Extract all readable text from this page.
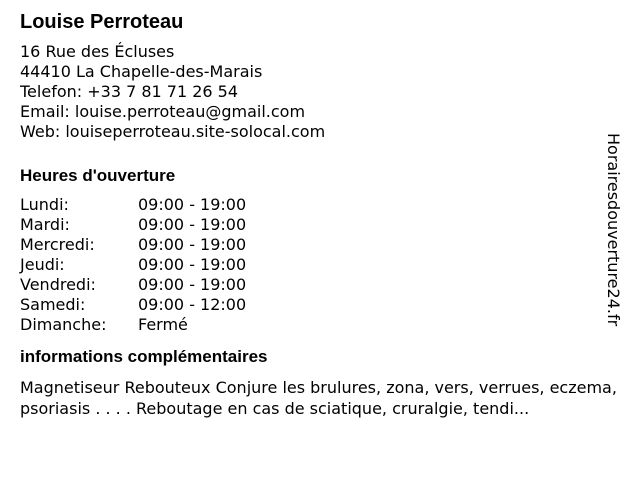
Louise Perroteau
16 Rue des Écluses
44410 La Chapelle-des-Marais
Telefon: +33 7 81 71 26 54
Email: louise.perroteau@gmail.com
Web: louiseperroteau.site-solocal.com
Heures d'ouverture
Lundi:	09:00 - 19:00
Mardi:	09:00 - 19:00
Mercredi:	09:00 - 19:00
Jeudi:	09:00 - 19:00
Vendredi:	09:00 - 19:00
Samedi:	09:00 - 12:00
Dimanche:	Fermé
informations complémentaires
Magnetiseur Rebouteux Conjure les brulures, zona, vers, verrues, eczema, psoriasis . . . . Reboutage en cas de sciatique, cruralgie, tendi...
Horairesdouverture24.fr
